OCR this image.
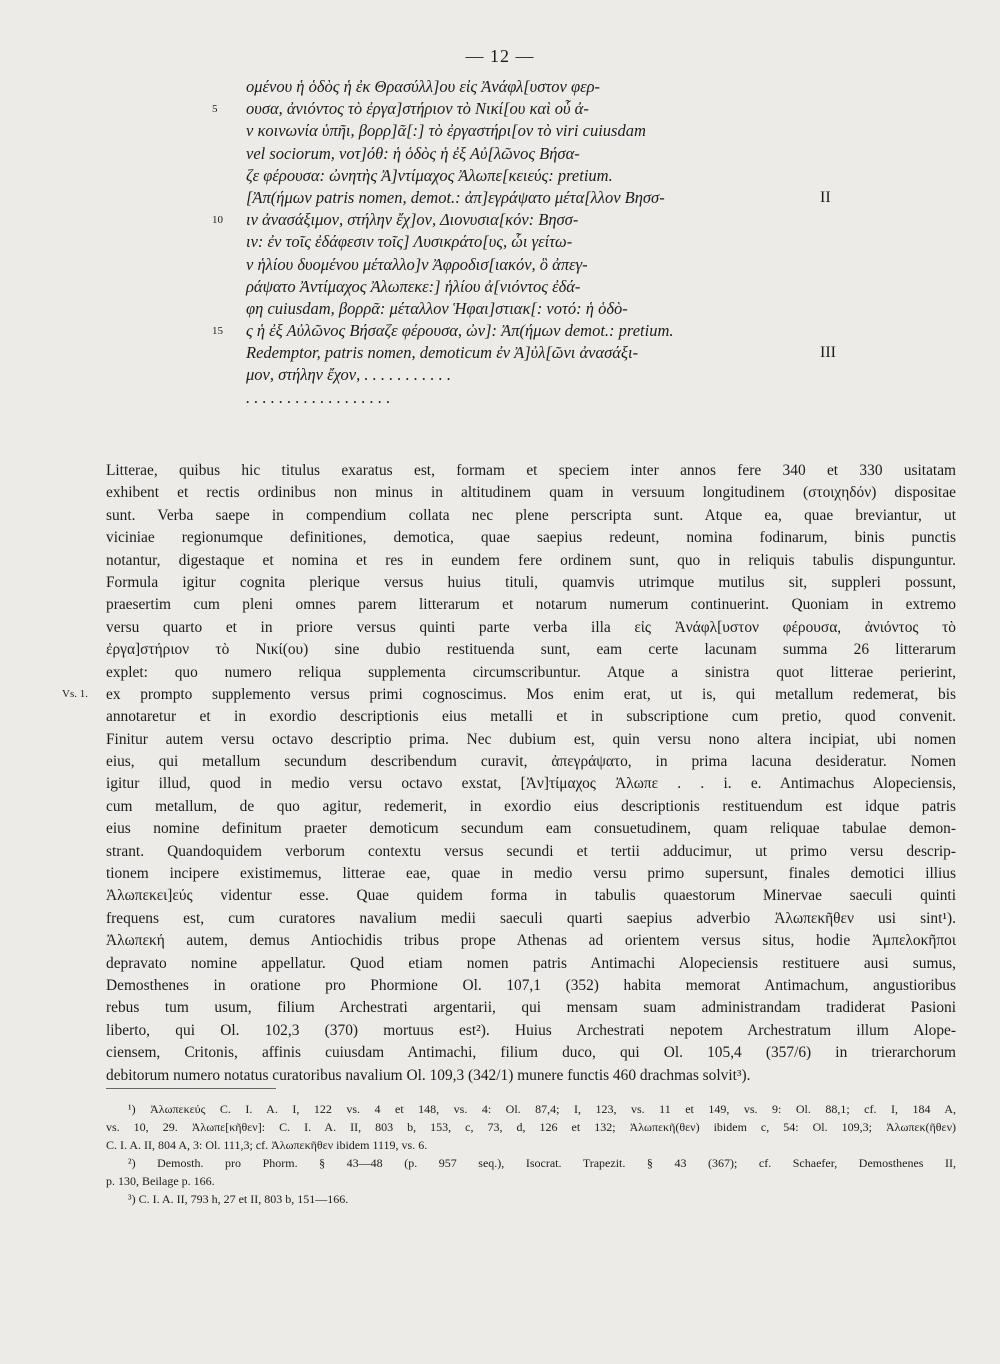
— 12 —
ομένου ἡ ὁδὸς ἡ ἐκ Θρασύλλ]ου εἰς Ἀνάφλ[υστον φερ-
5 ουσα, ἀνιόντος τὸ ἐργα]στήριον τὸ Νικί[ου καὶ οὗ ἀ-
ν κοινωνία ὑπῆι, βορρ]ᾶ[:] τὸ ἐργαστήρι[ον τὸ viri cuiusdam
vel sociorum, νοτ]όθ: ἡ ὁδὸς ἡ ἐξ Αὐ[λῶνος Βήσα-
ζε φέρουσα: ὠνητὴς Ἀ]ντίμαχος Ἀλωπε[κειεύς: pretium.
[Ἀπ(ήμων patris nomen, demot.: ἀπ]εγράψατο μέτα[λλον Βησσ-	II
10 ιν ἀνασάξιμον, στήλην ἔχ]ον, Διονυσια[κόν: Βησσ-
ιν: ἐν τοῖς ἐδάφεσιν τοῖς] Λυσικράτο[υς, ὧι γείτω-
ν ἡλίου δυομένου μέταλλο]ν Ἀφροδισ[ιακόν, ὃ ἀπεγ-
ράψατο Ἀντίμαχος Ἀλωπεκε:] ἡλίου ἀ[νιόντος ἐδά-
φη cuiusdam, βορρᾶ: μέταλλον Ἡφαι]στιακ[: νοτό: ἡ ὁδὸ-
15 ς ἡ ἐξ Αὐλῶνος Βήσαζε φέρουσα, ὠν]: Ἀπ(ήμων demot.: pretium.
Redemptor, patris nomen, demoticum ἐν Ἀ]ὐλ[ῶνι ἀνασάξι-	III
μον, στήλην ἔχον, . . . . . . . . . . .
. . . . . . . . . . . . . . . . . .
Litterae, quibus hic titulus exaratus est, formam et speciem inter annos fere 340 et 330 usitatam
exhibent et rectis ordinibus non minus in altitudinem quam in versuum longitudinem (στοιχηδόν) dispositae
sunt. Verba saepe in compendium collata nec plene perscripta sunt. Atque ea, quae breviantur, ut
viciniae regionumque definitiones, demotica, quae saepius redeunt, nomina fodinarum, binis punctis
notantur, digestaque et nomina et res in eundem fere ordinem sunt, quo in reliquis tabulis dispunguntur.
Formula igitur cognita plerique versus huius tituli, quamvis utrimque mutilus sit, suppleri possunt,
praesertim cum pleni omnes parem litterarum et notarum numerum continuerint. Quoniam in extremo
versu quarto et in priore versus quinti parte verba illa εἰς Ἀνάφλ[υστον φέρουσα, ἀνιόντος τὸ
ἐργα]στήριον τὸ Νικί(ου) sine dubio restituenda sunt, eam certe lacunam summa 26 litterarum
explet: quo numero reliqua supplementa circumscribuntur. Atque a sinistra quot litterae perierint,
ex prompto supplemento versus primi cognoscimus. Mos enim erat, ut is, qui metallum redemerat, bis
annotaretur et in exordio descriptionis eius metalli et in subscriptione cum pretio, quod convenit.
Finitur autem versu octavo descriptio prima. Nec dubium est, quin versu nono altera incipiat, ubi nomen
eius, qui metallum secundum describendum curavit, ἀπεγράψατο, in prima lacuna desideratur. Nomen
igitur illud, quod in medio versu octavo exstat, [Ἀν]τίμαχος Ἀλωπε . . i. e. Antimachus Alopeciensis,
cum metallum, de quo agitur, redemerit, in exordio eius descriptionis restituendum est idque patris
eius nomine definitum praeter demoticum secundum eam consuetudinem, quam reliquae tabulae demon-
strant. Quandoquidem verborum contextu versus secundi et tertii adducimur, ut primo versu descrip-
tionem incipere existimemus, litterae eae, quae in medio versu primo supersunt, finales demotici illius
Ἀλωπεκει]εύς videntur esse. Quae quidem forma in tabulis quaestorum Minervae saeculi quinti
frequens est, cum curatores navalium medii saeculi quarti saepius adverbio Ἀλωπεκῆθεν usi sint¹).
Ἀλωπεκή autem, demus Antiochidis tribus prope Athenas ad orientem versus situs, hodie Ἀμπελοκῆποι
depravato nomine appellatur. Quod etiam nomen patris Antimachi Alopeciensis restituere ausi sumus,
Demosthenes in oratione pro Phormione Ol. 107,1 (352) habita memorat Antimachum, angustioribus
rebus tum usum, filium Archestrati argentarii, qui mensam suam administrandam tradiderat Pasioni
liberto, qui Ol. 102,3 (370) mortuus est²). Huius Archestrati nepotem Archestratum illum Alope-
ciensem, Critonis, affinis cuiusdam Antimachi, filium duco, qui Ol. 105,4 (357/6) in trierarchorum
debitorum numero notatus curatoribus navalium Ol. 109,3 (342/1) munere functis 460 drachmas solvit³).
Vs. 1.
¹) Ἀλωπεκεύς C. I. A. I, 122 vs. 4 et 148, vs. 4: Ol. 87,4; I, 123, vs. 11 et 149, vs. 9: Ol. 88,1; cf. I, 184 A,
vs. 10, 29. Ἀλωπε[κῆθεν]: C. I. A. II, 803 b, 153, c, 73, d, 126 et 132; Ἀλωπεκῆ(θεν) ibidem c, 54: Ol. 109,3; Ἀλωπεκ(ῆθεν)
C. I. A. II, 804 A, 3: Ol. 111,3; cf. Ἀλωπεκῆθεν ibidem 1119, vs. 6.
²) Demosth. pro Phorm. § 43—48 (p. 957 seq.), Isocrat. Trapezit. § 43 (367); cf. Schaefer, Demosthenes II,
p. 130, Beilage p. 166.
³) C. I. A. II, 793 h, 27 et II, 803 b, 151—166.
